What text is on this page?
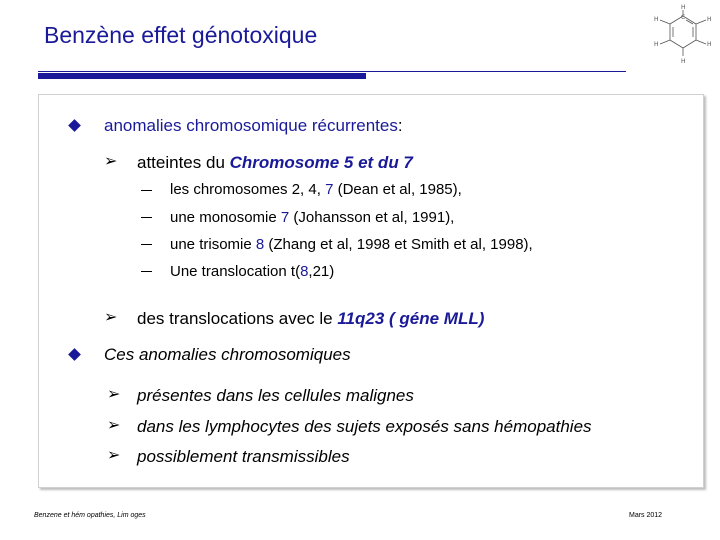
Benzène effet génotoxique
H
C	H
H
H
H
H
anomalies chromosomique récurrentes:
➢ atteintes du Chromosome 5 et du 7
les chromosomes 2, 4, 7 (Dean et al, 1985),
une monosomie 7 (Johansson et al, 1991),
une trisomie 8 (Zhang et al, 1998 et Smith et al, 1998),
Une translocation t(8,21)
➢ des translocations avec le 11q23 ( géne MLL)
Ces anomalies chromosomiques
➢ présentes dans les cellules malignes
➢ dans les lymphocytes des sujets exposés sans hémopathies
➢ possiblement transmissibles
Benzene et hém opathies, Lim oges	Mars 2012
